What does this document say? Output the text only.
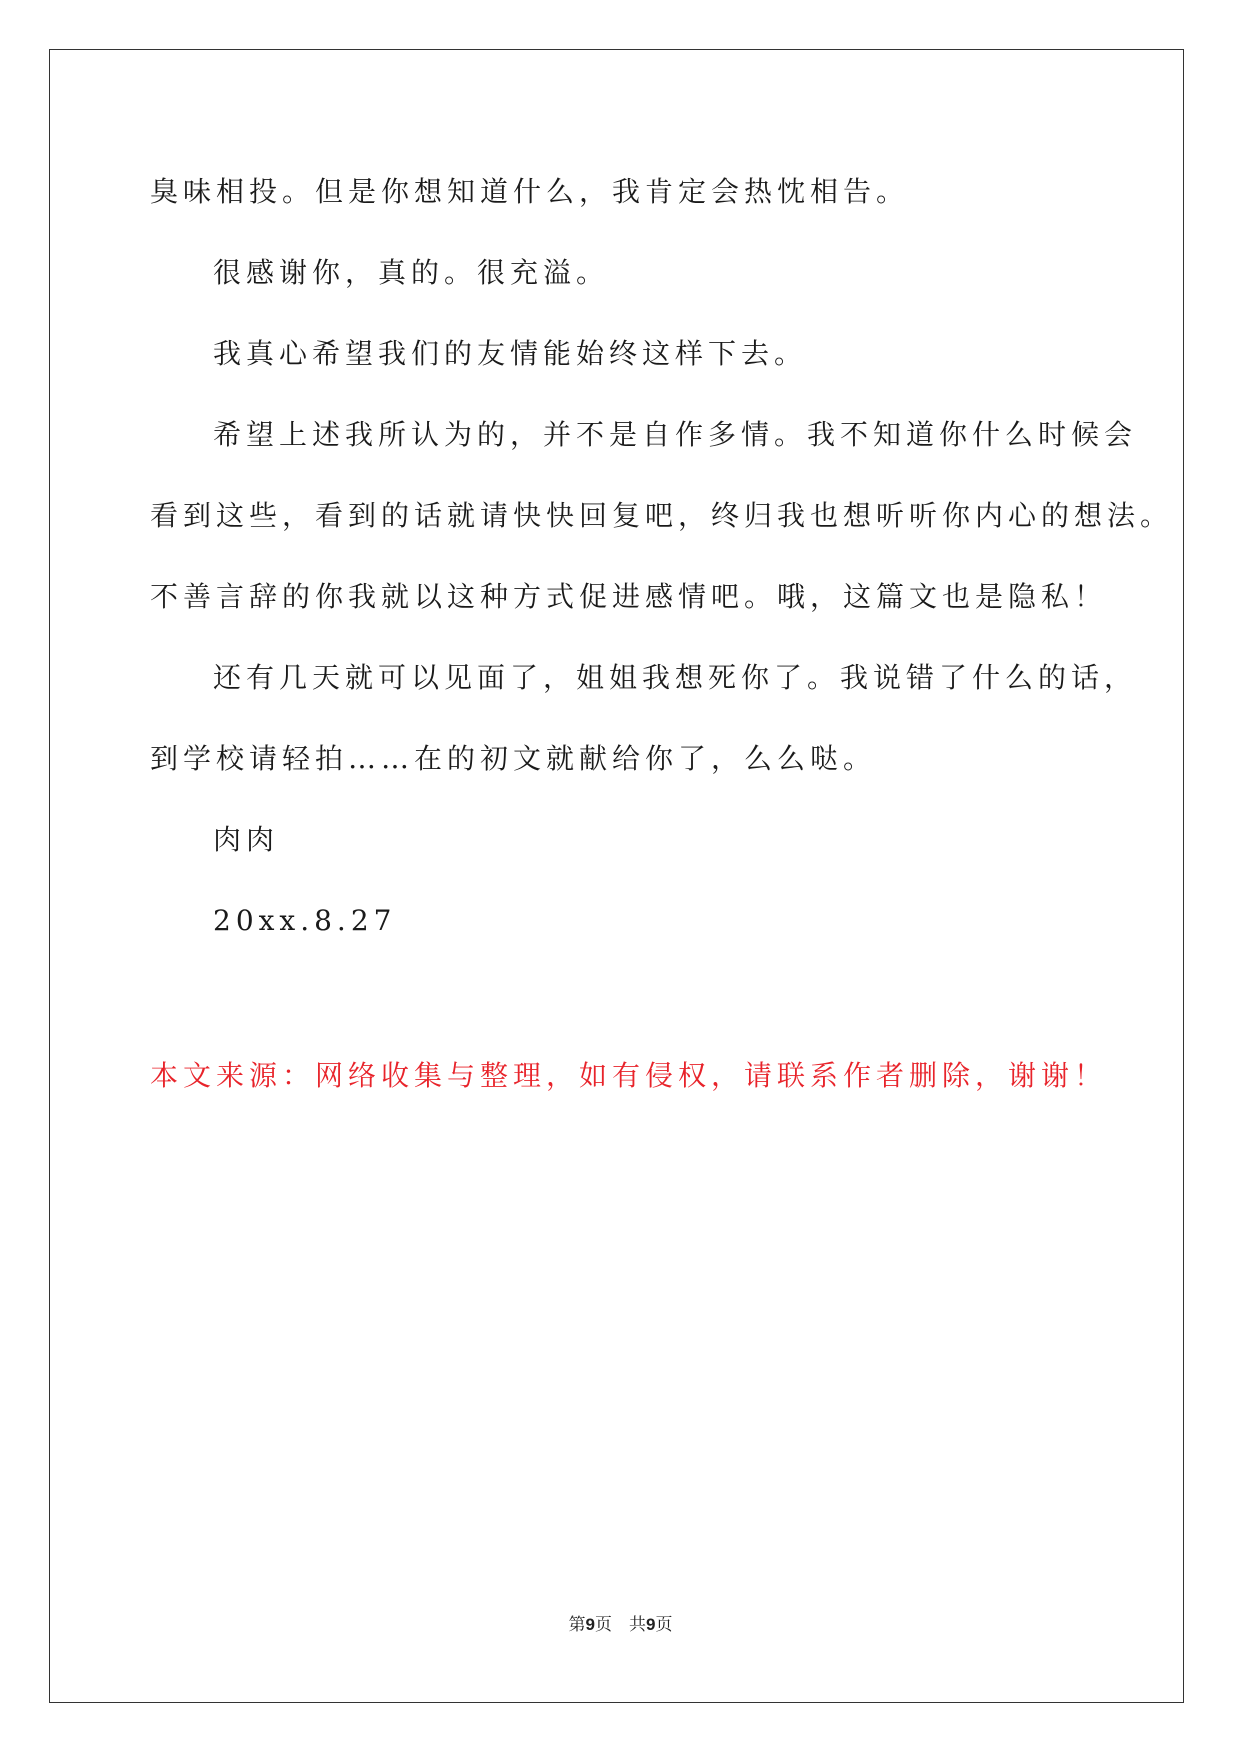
臭味相投。但是你想知道什么，我肯定会热忱相告。
很感谢你，真的。很充溢。
我真心希望我们的友情能始终这样下去。
希望上述我所认为的，并不是自作多情。我不知道你什么时候会
看到这些，看到的话就请快快回复吧，终归我也想听听你内心的想法。
不善言辞的你我就以这种方式促进感情吧。哦，这篇文也是隐私！
还有几天就可以见面了，姐姐我想死你了。我说错了什么的话，
到学校请轻拍……在的初文就献给你了，么么哒。
肉肉
20xx.8.27
本文来源：网络收集与整理，如有侵权，请联系作者删除，谢谢！
第9页　共9页
